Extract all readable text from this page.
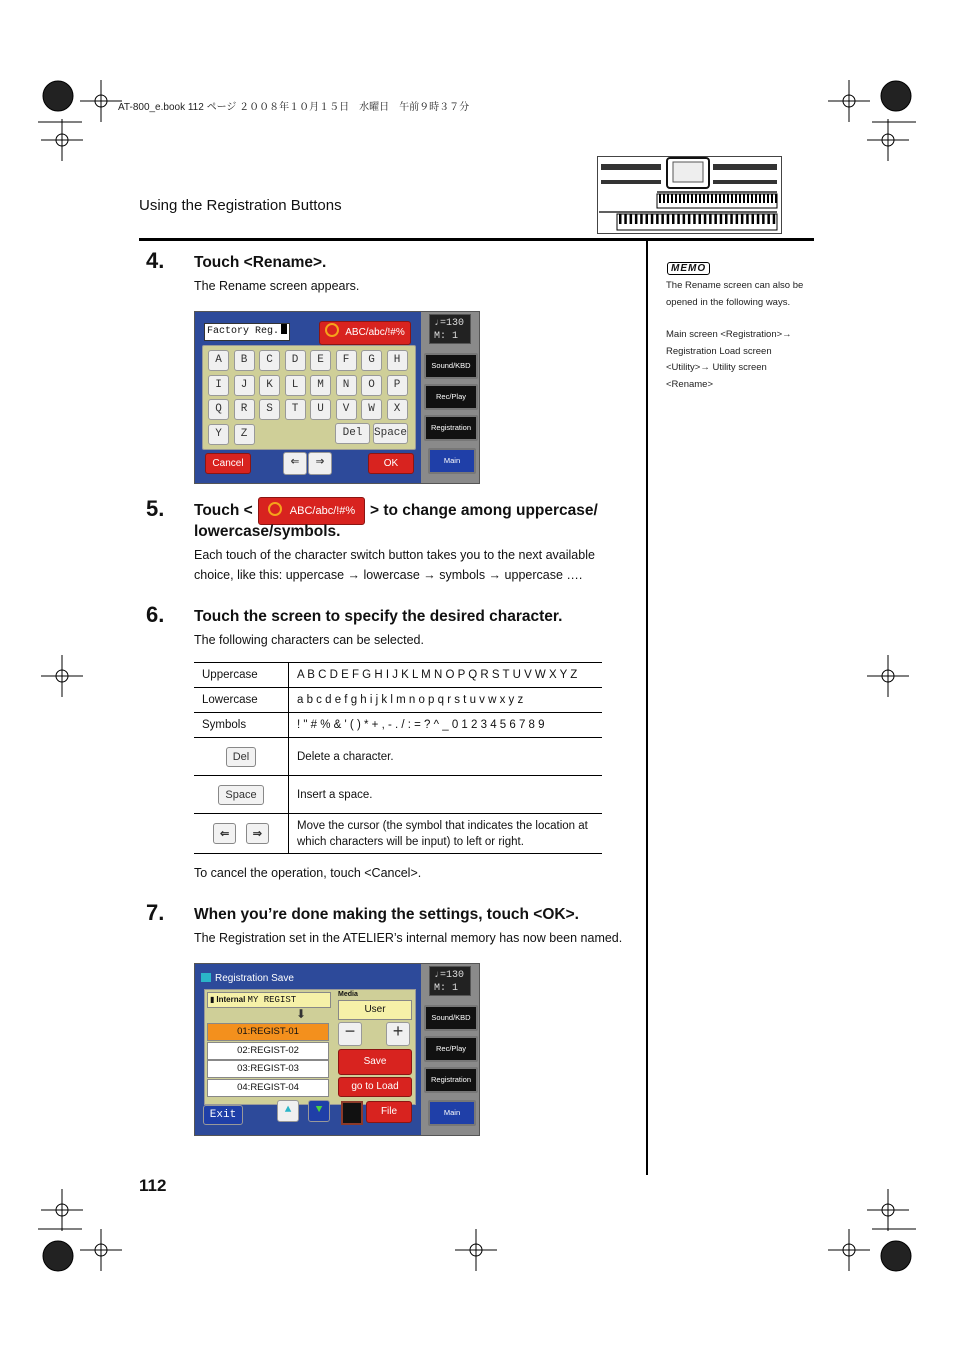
AT-800_e.book 112 ページ ２００８年１０月１５日　水曜日　午前９時３７分
Using the Registration Buttons
4. Touch <Rename>.
The Rename screen appears.
Factory Reg.	ABC/abc/!#%
Del	Space
Cancel	⇐	⇒	OK
♩=130
M: 1
Sound/KBD
Rec/Play
Registration
Main
A	B	C	D	E	F	G	H
I	J	K	L	M	N	O	P
Q	R	S	T	U	V	W	X
Y	Z
5. Touch <	ABC/abc/!#% > to change among uppercase/
lowercase/symbols.
Each touch of the character switch button takes you to the next available
choice, like this: uppercase → lowercase → symbols → uppercase ….
6. Touch the screen to specify the desired character.
The following characters can be selected.
Uppercase	A B C D E F G H I J K L M N O P Q R S T U V W X Y Z
Lowercase	a b c d e f g h i j k l m n o p q r s t u v w x y z
Symbols	! " # % & ' ( ) * + , - . / : = ? ^ _ 0 1 2 3 4 5 6 7 8 9
Del	Delete a character.
Space	Insert a space.
⇐ ⇒	Move the cursor (the symbol that indicates the location at
which characters will be input) to left or right.
To cancel the operation, touch <Cancel>.
7. When you’re done making the settings, touch <OK>.
The Registration set in the ATELIER’s internal memory has now been named.
Registration Save
▮ Internal MY REGIST
⬇
Media
User
−	+
Save
go to Load
Exit	▲	▼	File
♩=130
M: 1
Sound/KBD
Rec/Play
Registration
Main
01:REGIST-01
02:REGIST-02
03:REGIST-03
04:REGIST-04
MEMO
The Rename screen can also be
opened in the following ways.
Main screen <Registration>→
Registration Load screen
<Utility>→ Utility screen
<Rename>
112
